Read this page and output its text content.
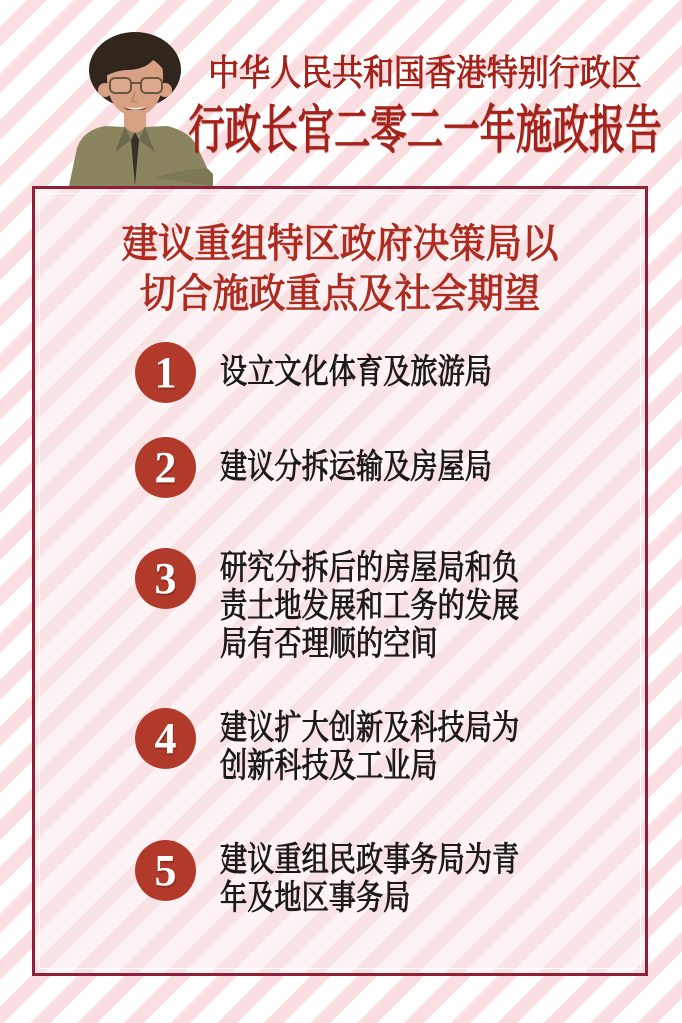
中华人民共和国香港特别行政区
行政长官二零二一年施政报告
建议重组特区政府决策局以
切合施政重点及社会期望
1	设立文化体育及旅游局
2	建议分拆运输及房屋局
3	研究分拆后的房屋局和负
责土地发展和工务的发展
局有否理顺的空间
4	建议扩大创新及科技局为
创新科技及工业局
5	建议重组民政事务局为青
年及地区事务局
